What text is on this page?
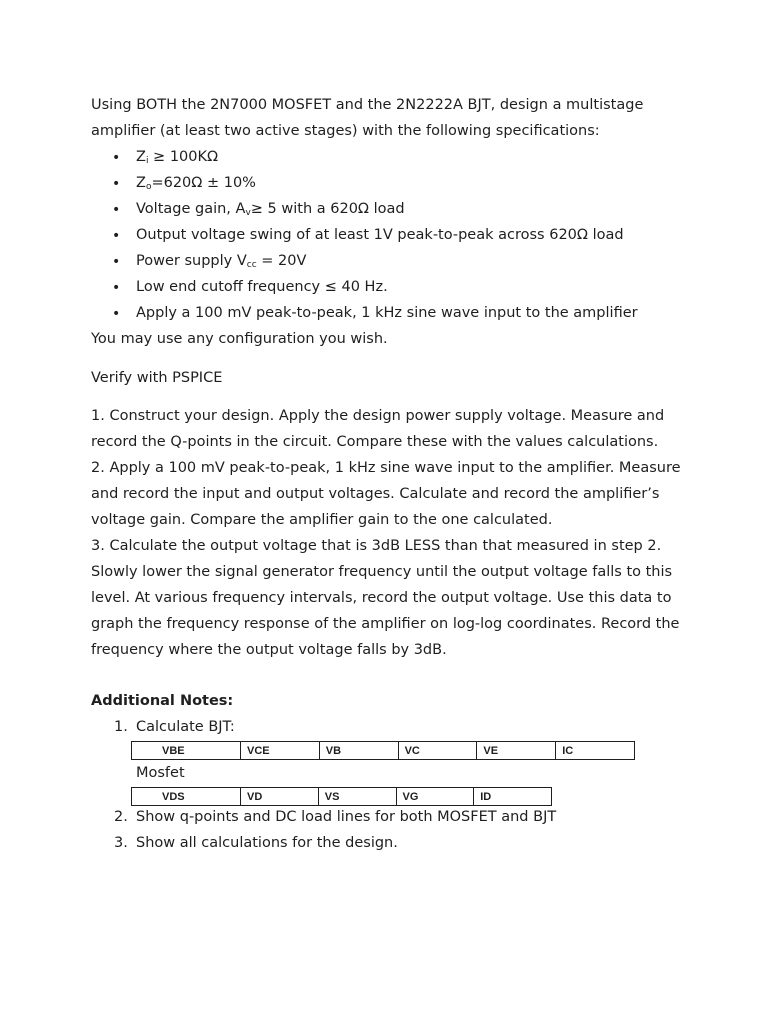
Using BOTH the 2N7000 MOSFET and the 2N2222A BJT, design a multistage
amplifier (at least two active stages) with the following specifications:
• $Z_i \ge 100K\Omega$
• $Z_o=620\Omega \pm 10\%$
• Voltage gain, $A_v\ge 5$ with a 620Ω load
• Output voltage swing of at least 1V peak-to-peak across 620Ω load
• Power supply $V_{cc} = 20V$
• Low end cutoff frequency ≤ 40 Hz.
• Apply a 100 mV peak-to-peak, 1 kHz sine wave input to the amplifier
You may use any configuration you wish.
Verify with PSPICE
1. Construct your design. Apply the design power supply voltage. Measure and
record the Q-points in the circuit. Compare these with the values calculations.
2. Apply a 100 mV peak-to-peak, 1 kHz sine wave input to the amplifier. Measure
and record the input and output voltages. Calculate and record the amplifier’s
voltage gain. Compare the amplifier gain to the one calculated.
3. Calculate the output voltage that is 3dB LESS than that measured in step 2.
Slowly lower the signal generator frequency until the output voltage falls to this
level. At various frequency intervals, record the output voltage. Use this data to
graph the frequency response of the amplifier on log-log coordinates. Record the
frequency where the output voltage falls by 3dB.
Additional Notes:
1. Calculate BJT:
VBE	VCE	VB	VC	VE	IC
Mosfet
VDS	VD	VS	VG	ID
2. Show q-points and DC load lines for both MOSFET and BJT
3. Show all calculations for the design.
